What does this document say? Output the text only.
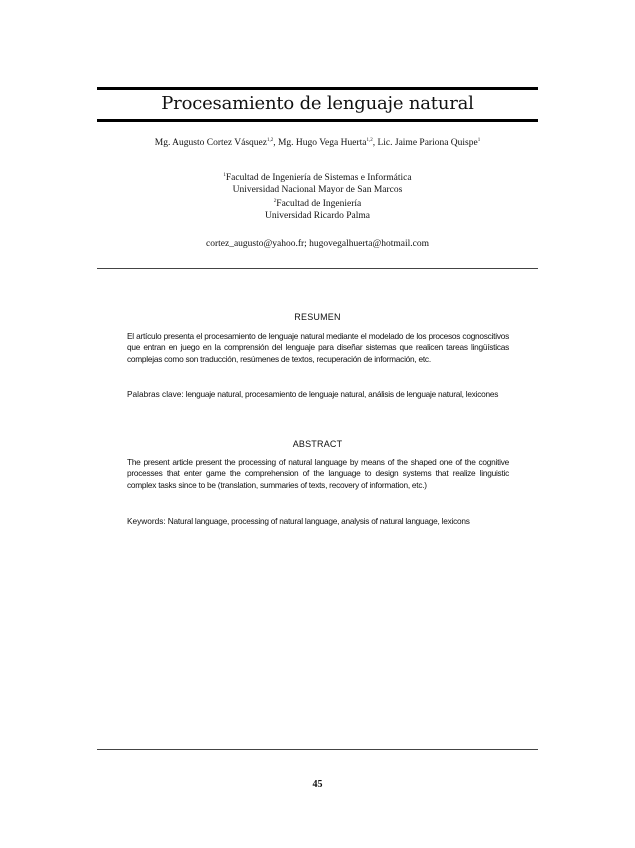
Procesamiento de lenguaje natural
Mg. Augusto Cortez Vásquez$^{1,2}$, Mg. Hugo Vega Huerta$^{1,2}$, Lic. Jaime Pariona Quispe$^1$
$^1$Facultad de Ingeniería de Sistemas e Informática
Universidad Nacional Mayor de San Marcos
$^2$Facultad de Ingeniería
Universidad Ricardo Palma
cortez_augusto@yahoo.fr; hugovegalhuerta@hotmail.com
RESUMEN

El artículo presenta el procesamiento de lenguaje natural mediante el modelado de los procesos cognoscitivos que entran en juego en la comprensión del lenguaje para diseñar sistemas que realicen tareas lingüísticas complejas como son traducción, resúmenes de textos, recuperación de información, etc.

Palabras clave: lenguaje natural, procesamiento de lenguaje natural, análisis de lenguaje natural, lexicones

ABSTRACT

The present article present the processing of natural language by means of the shaped one of the cognitive processes that enter game the comprehension of the language to design systems that realize linguistic complex tasks since to be (translation, summaries of texts, recovery of information, etc.)

Keywords: Natural language, processing of natural language, analysis of natural language, lexicons

45
